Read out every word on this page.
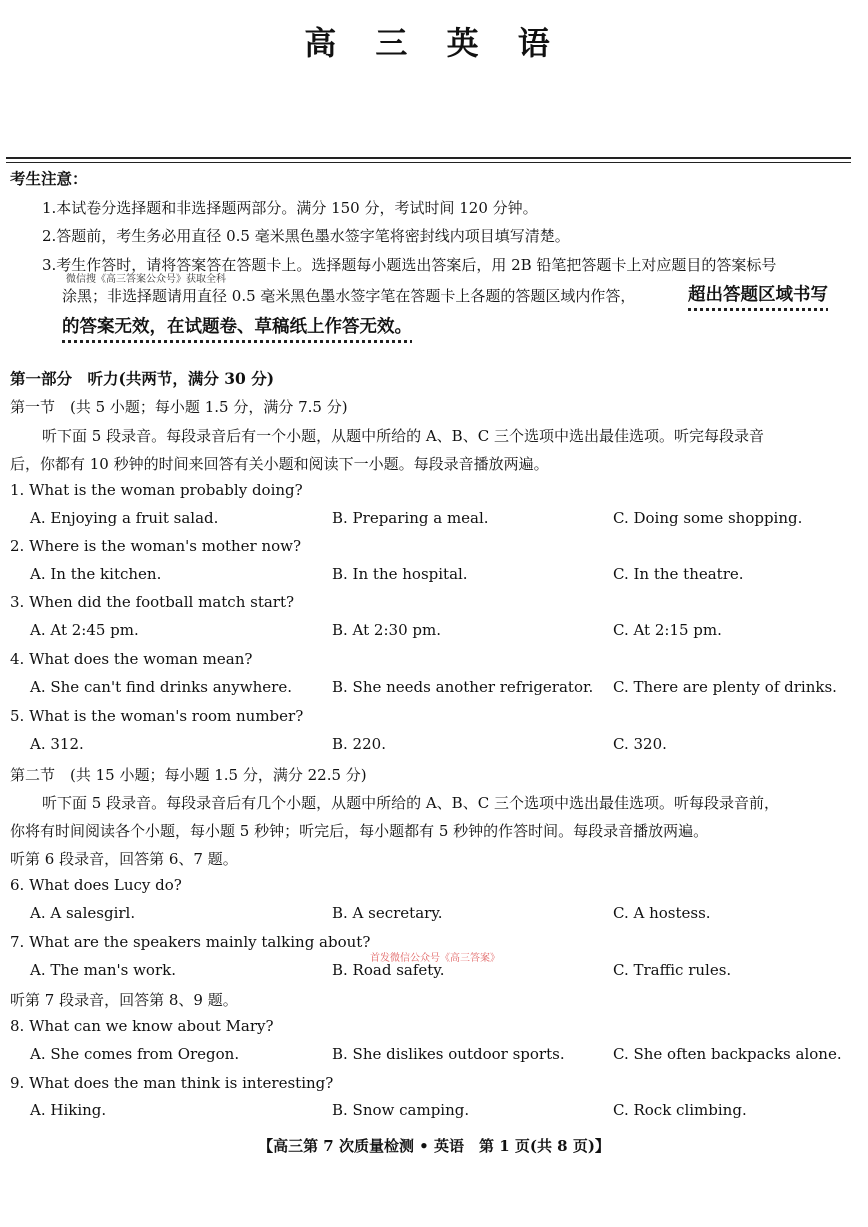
高 三 英 语
考生注意：
1.本试卷分选择题和非选择题两部分。满分 150 分，考试时间 120 分钟。
2.答题前，考生务必用直径 0.5 毫米黑色墨水签字笔将密封线内项目填写清楚。
3.考生作答时，请将答案答在答题卡上。选择题每小题选出答案后，用 2B 铅笔把答题卡上对应题目的答案标号
微信搜《高三答案公众号》获取全科
涂黑；非选择题请用直径 0.5 毫米黑色墨水签字笔在答题卡上各题的答题区域内作答，	超出答题区域书写
的答案无效，在试题卷、草稿纸上作答无效。
第一部分　听力(共两节，满分 30 分)
第一节　(共 5 小题；每小题 1.5 分，满分 7.5 分)
听下面 5 段录音。每段录音后有一个小题，从题中所给的 A、B、C 三个选项中选出最佳选项。听完每段录音
后，你都有 10 秒钟的时间来回答有关小题和阅读下一小题。每段录音播放两遍。
1. What is the woman probably doing?
A. Enjoying a fruit salad.	B. Preparing a meal.	C. Doing some shopping.
2. Where is the woman's mother now?
A. In the kitchen.	B. In the hospital.	C. In the theatre.
3. When did the football match start?
A. At 2:45 pm.	B. At 2:30 pm.	C. At 2:15 pm.
4. What does the woman mean?
A. She can't find drinks anywhere.	B. She needs another refrigerator. C. There are plenty of drinks.
5. What is the woman's room number?
A. 312.	B. 220.	C. 320.
第二节　(共 15 小题；每小题 1.5 分，满分 22.5 分)
听下面 5 段录音。每段录音后有几个小题，从题中所给的 A、B、C 三个选项中选出最佳选项。听每段录音前，
你将有时间阅读各个小题，每小题 5 秒钟；听完后，每小题都有 5 秒钟的作答时间。每段录音播放两遍。
听第 6 段录音，回答第 6、7 题。
6. What does Lucy do?
A. A salesgirl.	B. A secretary.	C. A hostess.
7. What are the speakers mainly talking about?
首发微信公众号《高三答案》
A. The man's work.	B. Road safety.	C. Traffic rules.
听第 7 段录音，回答第 8、9 题。
8. What can we know about Mary?
A. She comes from Oregon.	B. She dislikes outdoor sports.	C. She often backpacks alone.
9. What does the man think is interesting?
A. Hiking.	B. Snow camping.	C. Rock climbing.
【高三第 7 次质量检测 • 英语　第 1 页(共 8 页)】
